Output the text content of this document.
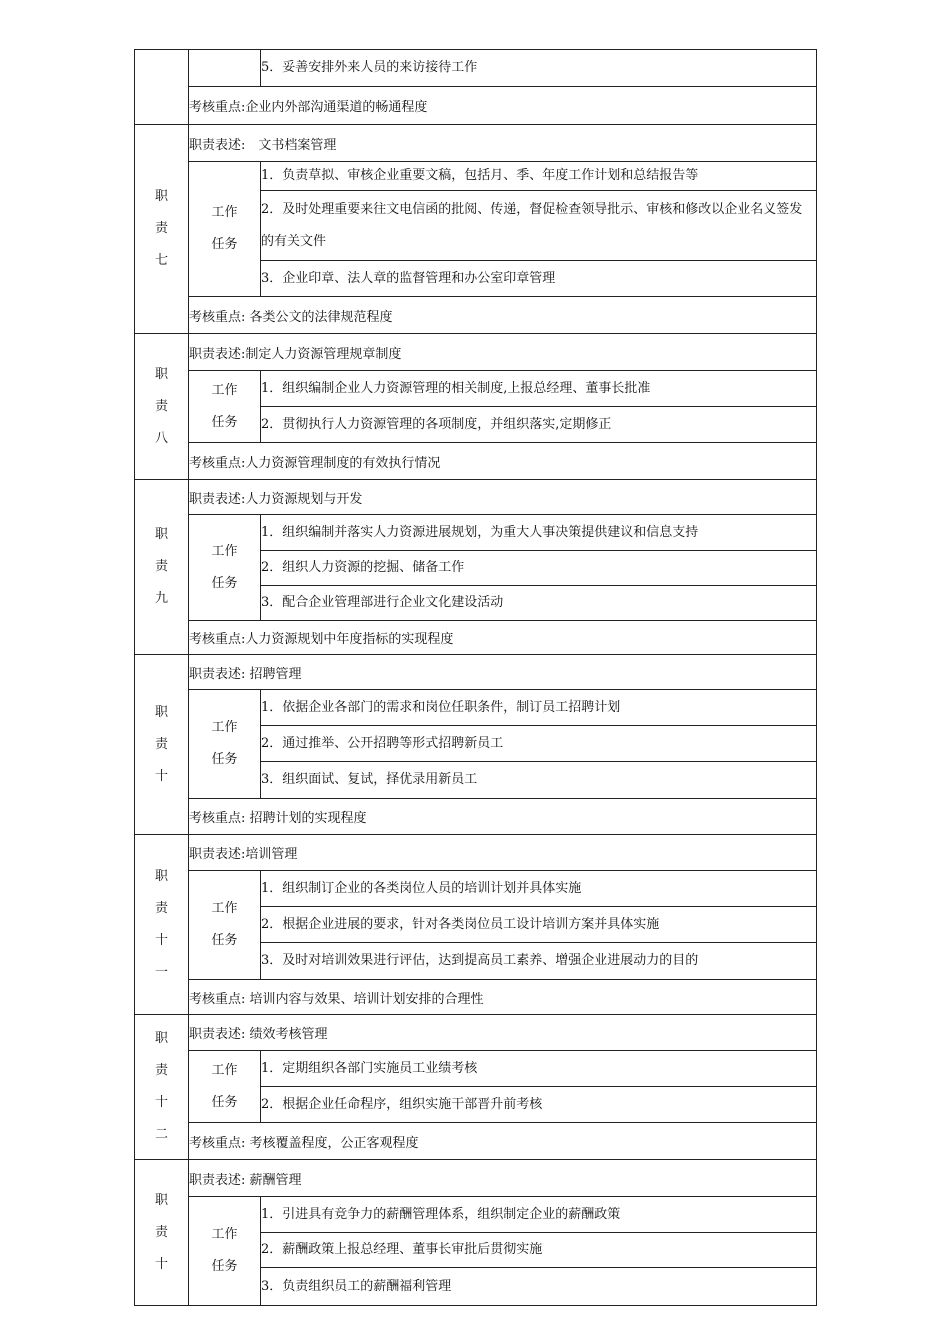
		5．妥善安排外来人员的来访接待工作
	考核重点:企业内外部沟通渠道的畅通程度	

职
责
七	职责表述:　文书档案管理	

	工作
任务	1．负责草拟、审核企业重要文稿，包括月、季、年度工作计划和总结报告等
		2．及时处理重要来往文电信函的批阅、传递，督促检查领导批示、审核和修改以企业名义签发的有关文件
		3．企业印章、法人章的监督管理和办公室印章管理
	考核重点: 各类公文的法律规范程度	

职
责
八	职责表述:制定人力资源管理规章制度	

	工作
任务	1．组织编制企业人力资源管理的相关制度,上报总经理、董事长批准
		2．贯彻执行人力资源管理的各项制度，并组织落实,定期修正
	考核重点:人力资源管理制度的有效执行情况	

职
责
九	职责表述:人力资源规划与开发	

	工作
任务	1．组织编制并落实人力资源进展规划，为重大人事决策提供建议和信息支持
		2．组织人力资源的挖掘、储备工作
		3．配合企业管理部进行企业文化建设活动
	考核重点:人力资源规划中年度指标的实现程度	

职
责
十	职责表述: 招聘管理	

	工作
任务	1．依据企业各部门的需求和岗位任职条件，制订员工招聘计划
		2．通过推举、公开招聘等形式招聘新员工
		3．组织面试、复试，择优录用新员工
	考核重点: 招聘计划的实现程度	

职
责
十
一	职责表述:培训管理	

	工作
任务	1．组织制订企业的各类岗位人员的培训计划并具体实施
		2．根据企业进展的要求，针对各类岗位员工设计培训方案并具体实施
		3．及时对培训效果进行评估，达到提高员工素养、增强企业进展动力的目的
	考核重点: 培训内容与效果、培训计划安排的合理性	

职
责
十
二	职责表述: 绩效考核管理	

	工作
任务	1．定期组织各部门实施员工业绩考核
		2．根据企业任命程序，组织实施干部晋升前考核
	考核重点: 考核覆盖程度，公正客观程度	

职
责
十	职责表述: 薪酬管理	

	工作
任务	1．引进具有竞争力的薪酬管理体系，组织制定企业的薪酬政策
		2．薪酬政策上报总经理、董事长审批后贯彻实施
		3．负责组织员工的薪酬福利管理
